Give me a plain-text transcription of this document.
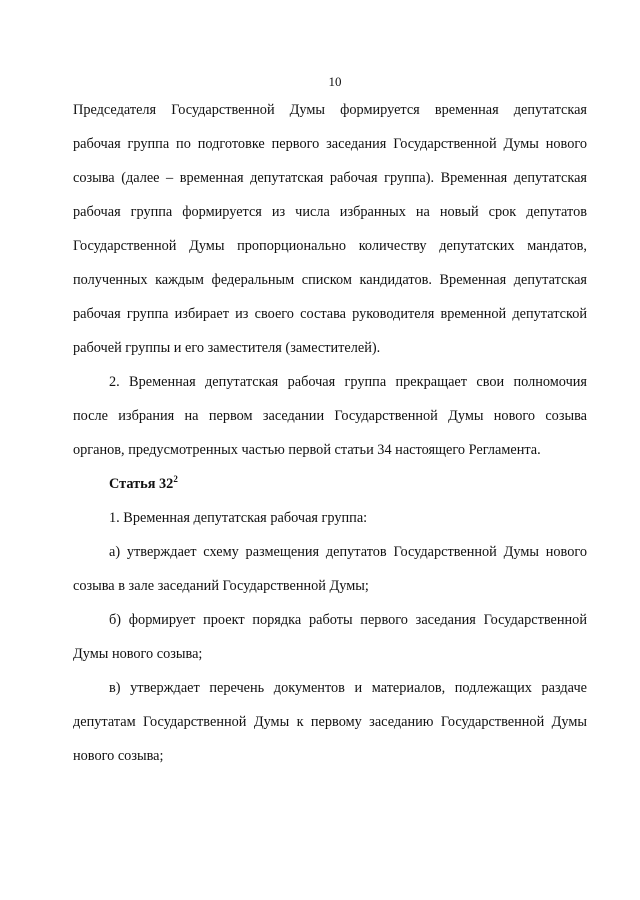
10
Председателя Государственной Думы формируется временная депутатская
рабочая группа по подготовке первого заседания Государственной Думы нового
созыва (далее – временная депутатская рабочая группа). Временная депутатская
рабочая группа формируется из числа избранных на новый срок депутатов
Государственной Думы пропорционально количеству депутатских мандатов,
полученных каждым федеральным списком кандидатов. Временная депутатская
рабочая группа избирает из своего состава руководителя временной депутатской
рабочей группы и его заместителя (заместителей).
2. Временная депутатская рабочая группа прекращает свои полномочия
после избрания на первом заседании Государственной Думы нового созыва
органов, предусмотренных частью первой статьи 34 настоящего Регламента.
Статья $32^2$
1. Временная депутатская рабочая группа:
а) утверждает схему размещения депутатов Государственной Думы нового
созыва в зале заседаний Государственной Думы;
б) формирует проект порядка работы первого заседания Государственной
Думы нового созыва;
в) утверждает перечень документов и материалов, подлежащих раздаче
депутатам Государственной Думы к первому заседанию Государственной Думы
нового созыва;
